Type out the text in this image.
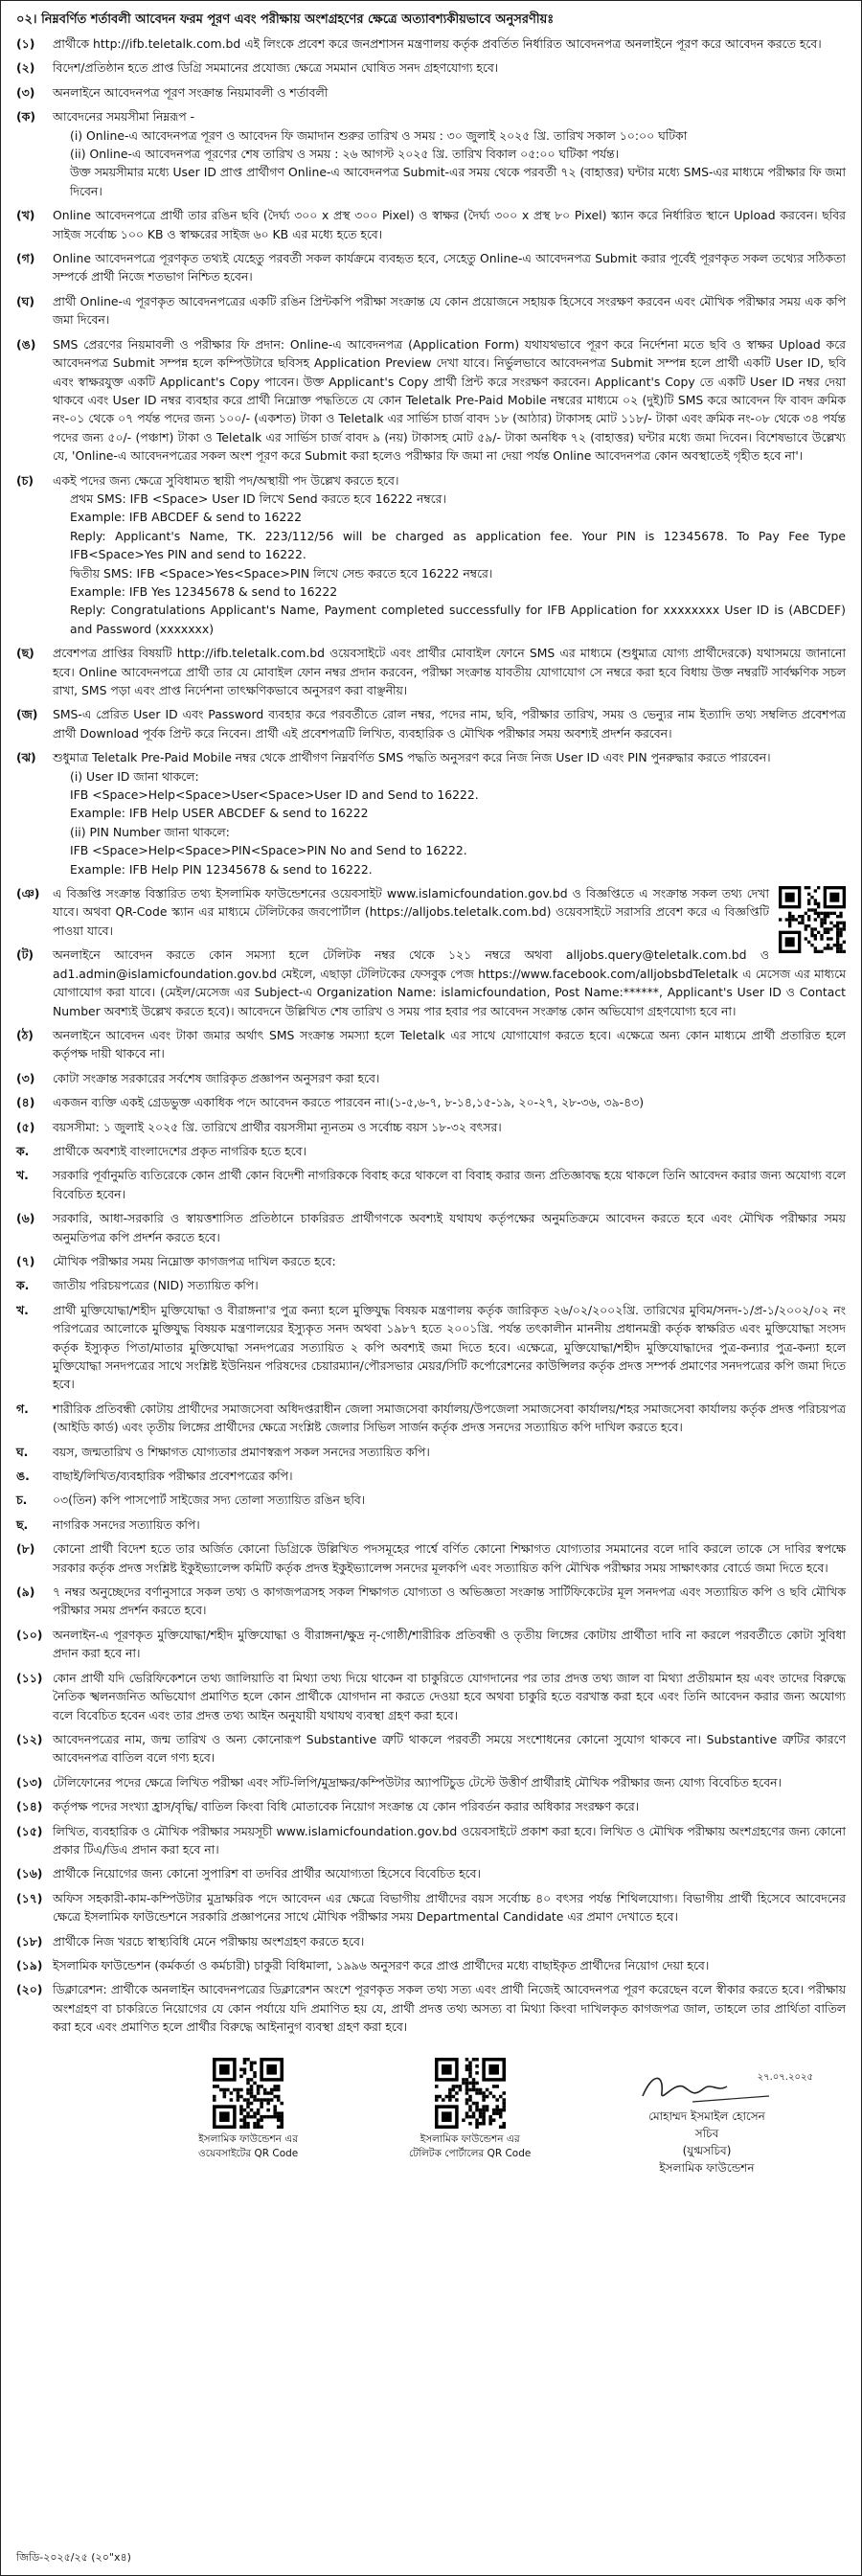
০২। নিম্নবর্ণিত শর্তাবলী আবেদন ফরম পূরণ এবং পরীক্ষায় অংশগ্রহণের ক্ষেত্রে অত্যাবশ্যকীয়ভাবে অনুসরণীয়ঃ
(১) প্রার্থীকে http://ifb.teletalk.com.bd এই লিংকে প্রবেশ করে জনপ্রশাসন মন্ত্রণালয় কর্তৃক প্রবর্তিত নির্ধারিত আবেদনপত্র অনলাইনে পূরণ করে আবেদন করতে হবে।
(২) বিদেশ/প্রতিষ্ঠান হতে প্রাপ্ত ডিগ্রি সমমানের প্রযোজ্য ক্ষেত্রে সমমান ঘোষিত সনদ গ্রহণযোগ্য হবে।
(৩) অনলাইনে আবেদনপত্র পূরণ সংক্রান্ত নিয়মাবলী ও শর্তাবলী
(ক) আবেদনের সময়সীমা নিম্নরূপ -
(i) Online-এ আবেদনপত্র পূরণ ও আবেদন ফি জমাদান শুরুর তারিখ ও সময় : ৩০ জুলাই ২০২৫ খ্রি. তারিখ সকাল ১০:০০ ঘটিকা
(ii) Online-এ আবেদনপত্র পূরণের শেষ তারিখ ও সময় : ২৬ আগস্ট ২০২৫ খ্রি. তারিখ বিকাল ০৫:০০ ঘটিকা পর্যন্ত।
উক্ত সময়সীমার মধ্যে User ID প্রাপ্ত প্রার্থীগণ Online-এ আবেদনপত্র Submit-এর সময় থেকে পরবর্তী ৭২ (বাহাত্তর) ঘন্টার মধ্যে SMS-এর মাধ্যমে পরীক্ষার ফি জমা দিবেন।
(খ) Online আবেদনপত্রে প্রার্থী তার রঙিন ছবি (দৈর্ঘ্য ৩০০ x প্রস্থ ৩০০ Pixel) ও স্বাক্ষর (দৈর্ঘ্য ৩০০ x প্রস্থ ৮০ Pixel) স্ক্যান করে নির্ধারিত স্থানে Upload করবেন। ছবির সাইজ সর্বোচ্চ ১০০ KB ও স্বাক্ষরের সাইজ ৬০ KB এর মধ্যে হতে হবে।
(গ) Online আবেদনপত্রে পূরণকৃত তথ্যই যেহেতু পরবর্তী সকল কার্যক্রমে ব্যবহৃত হবে, সেহেতু Online-এ আবেদনপত্র Submit করার পূর্বেই পূরণকৃত সকল তথ্যের সঠিকতা সম্পর্কে প্রার্থী নিজে শতভাগ নিশ্চিত হবেন।
(ঘ) প্রার্থী Online-এ পূরণকৃত আবেদনপত্রের একটি রঙিন প্রিন্টকপি পরীক্ষা সংক্রান্ত যে কোন প্রয়োজনে সহায়ক হিসেবে সংরক্ষণ করবেন এবং মৌখিক পরীক্ষার সময় এক কপি জমা দিবেন।
(ঙ) SMS প্রেরণের নিয়মাবলী ও পরীক্ষার ফি প্রদান: Online-এ আবেদনপত্র (Application Form) যথাযথভাবে পূরণ করে নির্দেশনা মতে ছবি ও স্বাক্ষর Upload করে আবেদনপত্র Submit সম্পন্ন হলে কম্পিউটারে ছবিসহ Application Preview দেখা যাবে। নির্ভুলভাবে আবেদনপত্র Submit সম্পন্ন হলে প্রার্থী একটি User ID, ছবি এবং স্বাক্ষরযুক্ত একটি Applicant's Copy পাবেন। উক্ত Applicant's Copy প্রার্থী প্রিন্ট করে সংরক্ষণ করবেন। Applicant's Copy তে একটি User ID নম্বর দেয়া থাকবে এবং User ID নম্বর ব্যবহার করে প্রার্থী নিম্নোক্ত পদ্ধতিতে যে কোন Teletalk Pre-Paid Mobile নম্বরের মাধ্যমে ০২ (দুই)টি SMS করে আবেদন ফি বাবদ ক্রমিক নং-০১ থেকে ০৭ পর্যন্ত পদের জন্য ১০০/- (একশত) টাকা ও Teletalk এর সার্ভিস চার্জ বাবদ ১৮ (আঠার) টাকাসহ মোট ১১৮/- টাকা এবং ক্রমিক নং-০৮ থেকে ৩৪ পর্যন্ত পদের জন্য ৫০/- (পঞ্চাশ) টাকা ও Teletalk এর সার্ভিস চার্জ বাবদ ৯ (নয়) টাকাসহ মোট ৫৯/- টাকা অনধিক ৭২ (বাহাত্তর) ঘন্টার মধ্যে জমা দিবেন। বিশেষভাবে উল্লেখ্য যে, 'Online-এ আবেদনপত্রের সকল অংশ পূরণ করে Submit করা হলেও পরীক্ষার ফি জমা না দেয়া পর্যন্ত Online আবেদনপত্র কোন অবস্থাতেই গৃহীত হবে না'।
(চ) একই পদের জন্য ক্ষেত্রে সুবিধামত স্থায়ী পদ/অস্থায়ী পদ উল্লেখ করতে হবে।
প্রথম SMS: IFB <Space> User ID লিখে Send করতে হবে 16222 নম্বরে।
Example: IFB ABCDEF & send to 16222
Reply: Applicant's Name, TK. 223/112/56 will be charged as application fee. Your PIN is 12345678. To Pay Fee Type IFB<Space>Yes PIN and send to 16222.
দ্বিতীয় SMS: IFB <Space>Yes<Space>PIN লিখে সেন্ড করতে হবে 16222 নম্বরে।
Example: IFB Yes 12345678 & send to 16222
Reply: Congratulations Applicant's Name, Payment completed successfully for IFB Application for xxxxxxxx User ID is (ABCDEF) and Password (xxxxxxx)
(ছ) প্রবেশপত্র প্রাপ্তির বিষয়টি http://ifb.teletalk.com.bd ওয়েবসাইটে এবং প্রার্থীর মোবাইল ফোনে SMS এর মাধ্যমে (শুধুমাত্র যোগ্য প্রার্থীদেরকে) যথাসময়ে জানানো হবে। Online আবেদনপত্রে প্রার্থী তার যে মোবাইল ফোন নম্বর প্রদান করবেন, পরীক্ষা সংক্রান্ত যাবতীয় যোগাযোগ সে নম্বরে করা হবে বিধায় উক্ত নম্বরটি সার্বক্ষণিক সচল রাখা, SMS পড়া এবং প্রাপ্ত নির্দেশনা তাৎক্ষণিকভাবে অনুসরণ করা বাঞ্ছনীয়।
(জ) SMS-এ প্রেরিত User ID এবং Password ব্যবহার করে পরবর্তীতে রোল নম্বর, পদের নাম, ছবি, পরীক্ষার তারিখ, সময় ও ভেন্যুর নাম ইত্যাদি তথ্য সম্বলিত প্রবেশপত্র প্রার্থী Download পূর্বক প্রিন্ট করে নিবেন। প্রার্থী এই প্রবেশপত্রটি লিখিত, ব্যবহারিক ও মৌখিক পরীক্ষার সময় অবশ্যই প্রদর্শন করবেন।
(ঝ) শুধুমাত্র Teletalk Pre-Paid Mobile নম্বর থেকে প্রার্থীগণ নিম্নবর্ণিত SMS পদ্ধতি অনুসরণ করে নিজ নিজ User ID এবং PIN পুনরুদ্ধার করতে পারবেন।
(i) User ID জানা থাকলে:
IFB <Space>Help<Space>User<Space>User ID and Send to 16222.
Example: IFB Help USER ABCDEF & send to 16222
(ii) PIN Number জানা থাকলে:
IFB <Space>Help<Space>PIN<Space>PIN No and Send to 16222.
Example: IFB Help PIN 12345678 & send to 16222.
(ঞ) এ বিজ্ঞপ্তি সংক্রান্ত বিস্তারিত তথ্য ইসলামিক ফাউন্ডেশনের ওয়েবসাইট www.islamicfoundation.gov.bd ও বিজ্ঞপ্তিতে এ সংক্রান্ত সকল তথ্য দেখা যাবে। অথবা QR-Code স্ক্যান এর মাধ্যমে টেলিটকের জবপোর্টাল (https://alljobs.teletalk.com.bd) ওয়েবসাইটে সরাসরি প্রবেশ করে এ বিজ্ঞপ্তিটি পাওয়া যাবে।
(ট) অনলাইনে আবেদন করতে কোন সমস্যা হলে টেলিটক নম্বর থেকে ১২১ নম্বরে অথবা alljobs.query@teletalk.com.bd ও ad1.admin@islamicfoundation.gov.bd মেইলে, এছাড়া টেলিটকের ফেসবুক পেজ https://www.facebook.com/alljobsbdTeletalk এ মেসেজ এর মাধ্যমে যোগাযোগ করা যাবে। (মেইল/মেসেজ এর Subject-এ Organization Name: islamicfoundation, Post Name:******, Applicant's User ID ও Contact Number অবশ্যই উল্লেখ করতে হবে)। আবেদনে উল্লিখিত শেষ তারিখ ও সময় পার হবার পর আবেদন সংক্রান্ত কোন অভিযোগ গ্রহণযোগ্য হবে না।
(ঠ) অনলাইনে আবেদন এবং টাকা জমার অর্থাৎ SMS সংক্রান্ত সমস্যা হলে Teletalk এর সাথে যোগাযোগ করতে হবে। এক্ষেত্রে অন্য কোন মাধ্যমে প্রার্থী প্রতারিত হলে কর্তৃপক্ষ দায়ী থাকবে না।
(৩) কোটা সংক্রান্ত সরকারের সর্বশেষ জারিকৃত প্রজ্ঞাপন অনুসরণ করা হবে।
(৪) একজন ব্যক্তি একই গ্রেডভুক্ত একাধিক পদে আবেদন করতে পারবেন না।(১-৫,৬-৭, ৮-১৪,১৫-১৯, ২০-২৭, ২৮-৩৬, ৩৯-৪৩)
(৫) বয়সসীমা: ১ জুলাই ২০২৫ খ্রি. তারিখে প্রার্থীর বয়সসীমা ন্যূনতম ও সর্বোচ্চ বয়স ১৮-৩২ বৎসর।
ক. প্রার্থীকে অবশ্যই বাংলাদেশের প্রকৃত নাগরিক হতে হবে।
খ. সরকারি পূর্বানুমতি ব্যতিরেকে কোন প্রার্থী কোন বিদেশী নাগরিককে বিবাহ করে থাকলে বা বিবাহ করার জন্য প্রতিজ্ঞাবদ্ধ হয়ে থাকলে তিনি আবেদন করার জন্য অযোগ্য বলে বিবেচিত হবেন।
(৬) সরকারি, আধা-সরকারি ও স্বায়ত্তশাসিত প্রতিষ্ঠানে চাকরিরত প্রার্থীগণকে অবশ্যই যথাযথ কর্তৃপক্ষের অনুমতিক্রমে আবেদন করতে হবে এবং মৌখিক পরীক্ষার সময় অনুমতিপত্র কপি প্রদর্শন করতে হবে।
(৭) মৌখিক পরীক্ষার সময় নিম্নোক্ত কাগজপত্র দাখিল করতে হবে:
ক. জাতীয় পরিচয়পত্রের (NID) সত্যায়িত কপি।
খ. প্রার্থী মুক্তিযোদ্ধা/শহীদ মুক্তিযোদ্ধা ও বীরাঙ্গনা'র পুত্র কন্যা হলে মুক্তিযুদ্ধ বিষয়ক মন্ত্রণালয় কর্তৃক জারিকৃত ২৬/০২/২০০২খ্রি. তারিখের মুবিম/সনদ-১/প্র-১/২০০২/০২ নং পরিপত্রের আলোকে মুক্তিযুদ্ধ বিষয়ক মন্ত্রণালয়ের ইস্যুকৃত সনদ অথবা ১৯৮৭ হতে ২০০১খ্রি. পর্যন্ত তৎকালীন মাননীয় প্রধানমন্ত্রী কর্তৃক স্বাক্ষরিত এবং মুক্তিযোদ্ধা সংসদ কর্তৃক ইস্যুকৃত পিতা/মাতার মুক্তিযোদ্ধা সনদপত্রের সত্যায়িত ২ কপি অবশ্যই জমা দিতে হবে। এক্ষেত্রে, মুক্তিযোদ্ধা/শহীদ মুক্তিযোদ্ধাদের পুত্র-কন্যার পুত্র-কন্যা হলে মুক্তিযোদ্ধা সনদপত্রের সাথে সংশ্লিষ্ট ইউনিয়ন পরিষদের চেয়ারম্যান/পৌরসভার মেয়র/সিটি কর্পোরেশনের কাউন্সিলর কর্তৃক প্রদত্ত সম্পর্ক প্রমাণের সনদপত্রের কপি জমা দিতে হবে।
গ. শারীরিক প্রতিবন্ধী কোটায় প্রার্থীদের সমাজসেবা অধিদপ্তরাধীন জেলা সমাজসেবা কার্যালয়/উপজেলা সমাজসেবা কার্যালয়/শহর সমাজসেবা কার্যালয় কর্তৃক প্রদত্ত পরিচয়পত্র (আইডি কার্ড) এবং তৃতীয় লিঙ্গের প্রার্থীদের ক্ষেত্রে সংশ্লিষ্ট জেলার সিভিল সার্জন কর্তৃক প্রদত্ত সনদের সত্যায়িত কপি দাখিল করতে হবে।
ঘ. বয়স, জন্মতারিখ ও শিক্ষাগত যোগ্যতার প্রমাণস্বরূপ সকল সনদের সত্যায়িত কপি।
ঙ. বাছাই/লিখিত/ব্যবহারিক পরীক্ষার প্রবেশপত্রের কপি।
চ. ০৩(তিন) কপি পাসপোর্ট সাইজের সদ্য তোলা সত্যায়িত রঙিন ছবি।
ছ. নাগরিক সনদের সত্যায়িত কপি।
(৮) কোনো প্রার্থী বিদেশ হতে তার অর্জিত কোনো ডিগ্রিকে উল্লিখিত পদসমূহের পার্শ্বে বর্ণিত কোনো শিক্ষাগত যোগ্যতার সমমানের বলে দাবি করলে তাকে সে দাবির স্বপক্ষে সরকার কর্তৃক প্রদত্ত সংশ্লিষ্ট ইকুইভ্যালেন্স কমিটি কর্তৃক প্রদত্ত ইকুইভ্যালেন্স সনদের মূলকপি এবং সত্যায়িত কপি মৌখিক পরীক্ষার সময় সাক্ষাৎকার বোর্ডে জমা দিতে হবে।
(৯) ৭ নম্বর অনুচ্ছেদের বর্ণানুসারে সকল তথ্য ও কাগজপত্রসহ সকল শিক্ষাগত যোগ্যতা ও অভিজ্ঞতা সংক্রান্ত সার্টিফিকেটের মূল সনদপত্র এবং সত্যায়িত কপি ও ছবি মৌখিক পরীক্ষার সময় প্রদর্শন করতে হবে।
(১০) অনলাইন-এ পূরণকৃত মুক্তিযোদ্ধা/শহীদ মুক্তিযোদ্ধা ও বীরাঙ্গনা/ক্ষুদ্র নৃ-গোষ্ঠী/শারীরিক প্রতিবন্ধী ও তৃতীয় লিঙ্গের কোটায় প্রার্থীতা দাবি না করলে পরবর্তীতে কোটা সুবিধা প্রদান করা হবে না।
(১১) কোন প্রার্থী যদি ভেরিফিকেশনে তথ্য জালিয়াতি বা মিথ্যা তথ্য দিয়ে থাকেন বা চাকুরিতে যোগদানের পর তার প্রদত্ত তথ্য জাল বা মিথ্যা প্রতীয়মান হয় এবং তাদের বিরুদ্ধে নৈতিক স্খলনজনিত অভিযোগ প্রমাণিত হলে কোন প্রার্থীকে যোগদান না করতে দেওয়া হবে অথবা চাকুরি হতে বরখাস্ত করা হবে এবং তিনি আবেদন করার জন্য অযোগ্য বলে বিবেচিত হবেন এবং তার প্রদত্ত তথ্য আইন অনুযায়ী যথাযথ ব্যবস্থা গ্রহণ করা হবে।
(১২) আবেদনপত্রের নাম, জন্ম তারিখ ও অন্য কোনোরূপ Substantive ত্রুটি থাকলে পরবর্তী সময়ে সংশোধনের কোনো সুযোগ থাকবে না। Substantive ত্রুটির কারণে আবেদনপত্র বাতিল বলে গণ্য হবে।
(১৩) টেলিফোনের পদের ক্ষেত্রে লিখিত পরীক্ষা এবং সাঁট-লিপি/মুদ্রাক্ষর/কম্পিউটার অ্যাপটিচুড টেস্টে উত্তীর্ণ প্রার্থীরাই মৌখিক পরীক্ষার জন্য যোগ্য বিবেচিত হবেন।
(১৪) কর্তৃপক্ষ পদের সংখ্যা হ্রাস/বৃদ্ধি/ বাতিল কিংবা বিধি মোতাবেক নিয়োগ সংক্রান্ত যে কোন পরিবর্তন করার অধিকার সংরক্ষণ করে।
(১৫) লিখিত, ব্যবহারিক ও মৌখিক পরীক্ষার সময়সূচী www.islamicfoundation.gov.bd ওয়েবসাইটে প্রকাশ করা হবে। লিখিত ও মৌখিক পরীক্ষায় অংশগ্রহণের জন্য কোনো প্রকার টিএ/ডিএ প্রদান করা হবে না।
(১৬) প্রার্থীকে নিয়োগের জন্য কোনো সুপারিশ বা তদবির প্রার্থীর অযোগ্যতা হিসেবে বিবেচিত হবে।
(১৭) অফিস সহকারী-কাম-কম্পিউটার মুদ্রাক্ষরিক পদে আবেদন এর ক্ষেত্রে বিভাগীয় প্রার্থীদের বয়স সর্বোচ্চ ৪০ বৎসর পর্যন্ত শিথিলযোগ্য। বিভাগীয় প্রার্থী হিসেবে আবেদনের ক্ষেত্রে ইসলামিক ফাউন্ডেশনে সরকারি প্রজ্ঞাপনের সাথে মৌখিক পরীক্ষার সময় Departmental Candidate এর প্রমাণ দেখাতে হবে।
(১৮) প্রার্থীকে নিজ খরচে স্বাস্থ্যবিধি মেনে পরীক্ষায় অংশগ্রহণ করতে হবে।
(১৯) ইসলামিক ফাউন্ডেশন (কর্মকর্তা ও কর্মচারী) চাকুরী বিধিমালা, ১৯৯৬ অনুসরণ করে প্রাপ্ত প্রার্থীদের মধ্যে বাছাইকৃত প্রার্থীদের নিয়োগ দেয়া হবে।
(২০) ডিক্লারেশন: প্রার্থীকে অনলাইন আবেদনপত্রের ডিক্লারেশন অংশে পূরণকৃত সকল তথ্য সত্য এবং প্রার্থী নিজেই আবেদনপত্র পূরণ করেছেন বলে স্বীকার করতে হবে। পরীক্ষায় অংশগ্রহণ বা চাকরিতে নিয়োগের যে কোন পর্যায়ে যদি প্রমাণিত হয় যে, প্রার্থী প্রদত্ত তথ্য অসত্য বা মিথ্যা কিংবা দাখিলকৃত কাগজপত্র জাল, তাহলে তার প্রার্থিতা বাতিল করা হবে এবং প্রমাণিত হলে প্রার্থীর বিরুদ্ধে আইনানুগ ব্যবস্থা গ্রহণ করা হবে।
ইসলামিক ফাউন্ডেশন এর
ওয়েবসাইটের QR Code
ইসলামিক ফাউন্ডেশন এর
টেলিটক পোর্টালের QR Code
২৭.০৭.২০২৫
মোহাম্মদ ইসমাইল হোসেন
সচিব
(যুগ্মসচিব)
ইসলামিক ফাউন্ডেশন
জিডি-২০২৫/২৫ (২০"x৪)
